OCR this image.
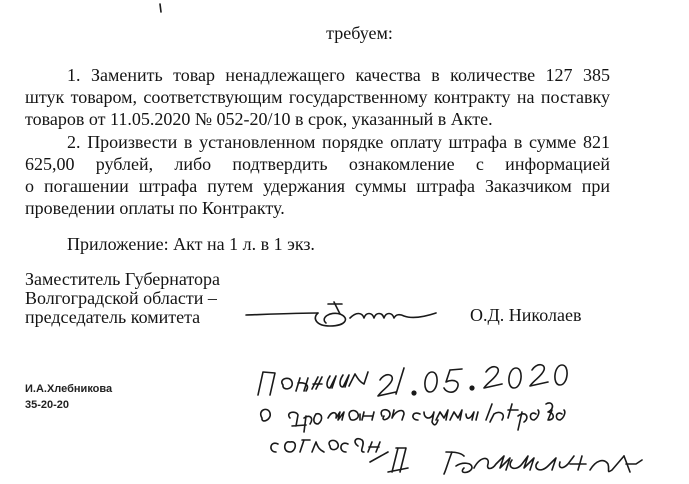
требуем:
1. Заменить товар ненадлежащего качества в количестве 127 385
штук товаром, соответствующим государственному контракту на поставку
товаров от 11.05.2020 № 052-20/10 в срок, указанный в Акте.
2. Произвести в установленном порядке оплату штрафа в сумме 821
625,00 рублей, либо подтвердить ознакомление с информацией
о погашении штрафа путем удержания суммы штрафа Заказчиком при
проведении оплаты по Контракту.
Приложение: Акт на 1 л. в 1 экз.
Заместитель Губернатора
Волгоградской области –
председатель комитета	О.Д. Николаев
И.А.Хлебникова
35-20-20
